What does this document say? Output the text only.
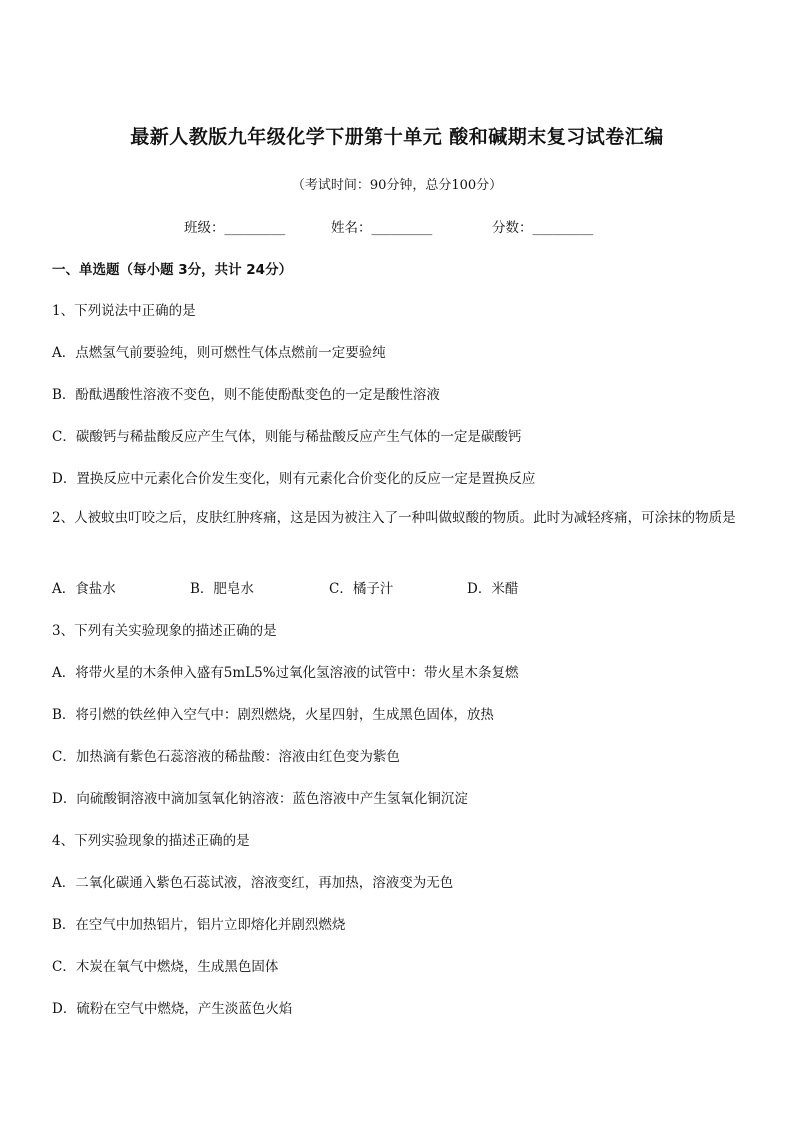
最新人教版九年级化学下册第十单元 酸和碱期末复习试卷汇编
（考试时间：90分钟，总分100分）
班级：_________	姓名：_________	分数：_________
一、单选题（每小题 3分，共计 24分）
1、下列说法中正确的是
A．点燃氢气前要验纯，则可燃性气体点燃前一定要验纯
B．酚酞遇酸性溶液不变色，则不能使酚酞变色的一定是酸性溶液
C．碳酸钙与稀盐酸反应产生气体，则能与稀盐酸反应产生气体的一定是碳酸钙
D．置换反应中元素化合价发生变化，则有元素化合价变化的反应一定是置换反应
2、人被蚊虫叮咬之后，皮肤红肿疼痛，这是因为被注入了一种叫做蚁酸的物质。此时为减轻疼痛，可涂抹的物质是
A．食盐水	B．肥皂水	C．橘子汁	D．米醋
3、下列有关实验现象的描述正确的是
A．将带火星的木条伸入盛有5mL5%过氧化氢溶液的试管中：带火星木条复燃
B．将引燃的铁丝伸入空气中：剧烈燃烧，火星四射，生成黑色固体，放热
C．加热滴有紫色石蕊溶液的稀盐酸：溶液由红色变为紫色
D．向硫酸铜溶液中滴加氢氧化钠溶液：蓝色溶液中产生氢氧化铜沉淀
4、下列实验现象的描述正确的是
A．二氧化碳通入紫色石蕊试液，溶液变红，再加热，溶液变为无色
B．在空气中加热铝片，铝片立即熔化并剧烈燃烧
C．木炭在氧气中燃烧，生成黑色固体
D．硫粉在空气中燃烧，产生淡蓝色火焰
